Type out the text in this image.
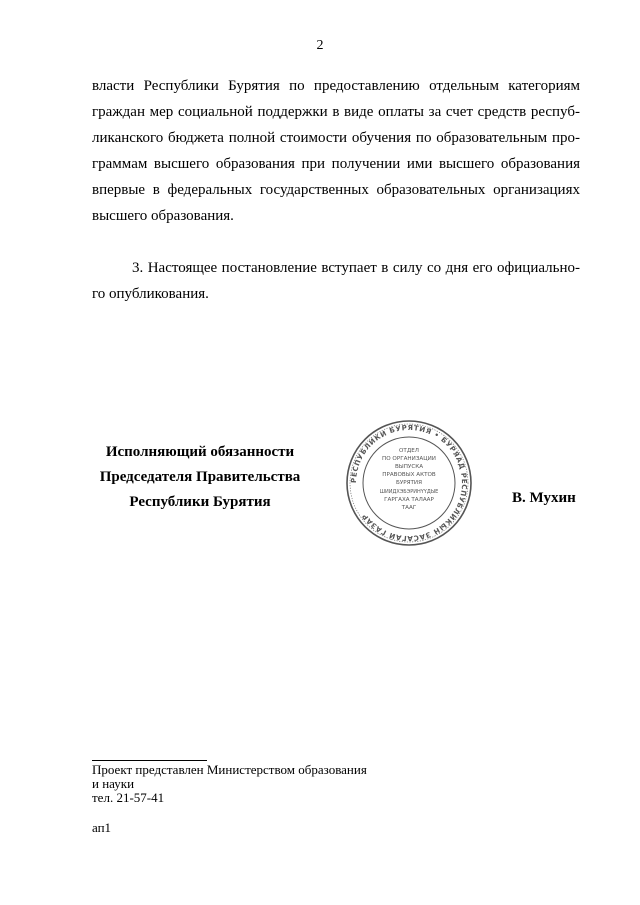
2
власти Республики Бурятия по предоставлению отдельным категориям
граждан мер социальной поддержки в виде оплаты за счет средств респуб-
ликанского бюджета полной стоимости обучения по образовательным про-
граммам высшего образования при получении ими высшего образования
впервые в федеральных государственных образовательных организациях
высшего образования.
3. Настоящее постановление вступает в силу со дня его официально-
го опубликования.
Исполняющий обязанности
Председателя Правительства
Республики Бурятия
РЕСПУБЛИКИ БУРЯТИЯ • БУРЯАД РЕСПУБЛИКЫН ЗАСАГАЙ ГАЗАР
ОТДЕЛ
ПО ОРГАНИЗАЦИИ
ВЫПУСКА
ПРАВОВЫХ АКТОВ
БУРЯТИЯ
ШИИДХЭБЭРИНҮҮДЫЕ
ГАРГАХА ТАЛААР
ТААГ
В. Мухин
Проект представлен Министерством образования
и науки
тел. 21-57-41
ап1
